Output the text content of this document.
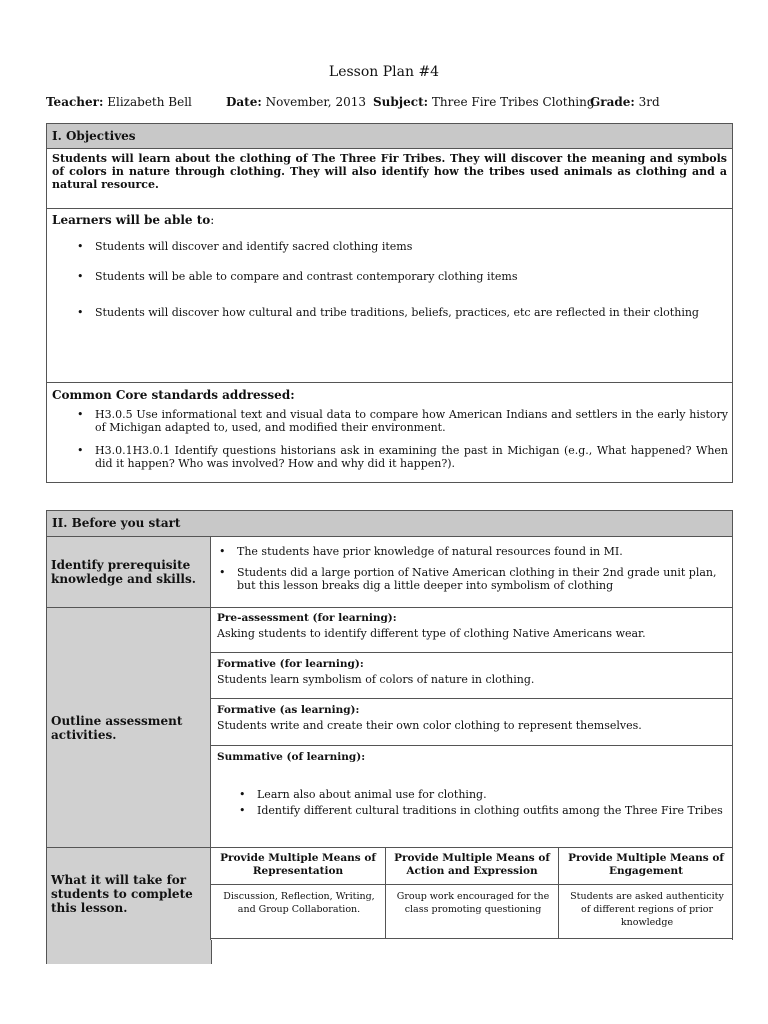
Lesson Plan #4
Teacher: Elizabeth Bell	Date: November, 2013 Subject: Three Fire Tribes Clothing
Grade: 3rd
I. Objectives
Students will learn about the clothing of The Three Fir Tribes. They will discover the meaning and symbols of colors in nature through clothing. They will also identify how the tribes used animals as clothing and a natural resource.
Learners will be able to:
• Students will discover and identify sacred clothing items
• Students will be able to compare and contrast contemporary clothing items
• Students will discover how cultural and tribe traditions, beliefs, practices, etc are reflected in their clothing
Common Core standards addressed:
• H3.0.5 Use informational text and visual data to compare how American Indians and settlers in the early history of Michigan adapted to, used, and modified their environment.
• H3.0.1H3.0.1 Identify questions historians ask in examining the past in Michigan (e.g., What happened? When did it happen? Who was involved? How and why did it happen?).
II. Before you start
Identify prerequisite knowledge and skills.
• The students have prior knowledge of natural resources found in MI.
• Students did a large portion of Native American clothing in their 2nd grade unit plan, but this lesson breaks dig a little deeper into symbolism of clothing
Outline assessment activities.
Pre-assessment (for learning):
Asking students to identify different type of clothing Native Americans wear.
Formative (for learning):
Students learn symbolism of colors of nature in clothing.
Formative (as learning):
Students write and create their own color clothing to represent themselves.
Summative (of learning):
• Learn also about animal use for clothing.
• Identify different cultural traditions in clothing outfits among the Three Fire Tribes
What it will take for students to complete this lesson.
Provide Multiple Means of Representation
Provide Multiple Means of Action and Expression
Provide Multiple Means of Engagement
Discussion, Reflection, Writing, and Group Collaboration.
Group work encouraged for the class promoting questioning
Students are asked authenticity of different regions of prior knowledge
